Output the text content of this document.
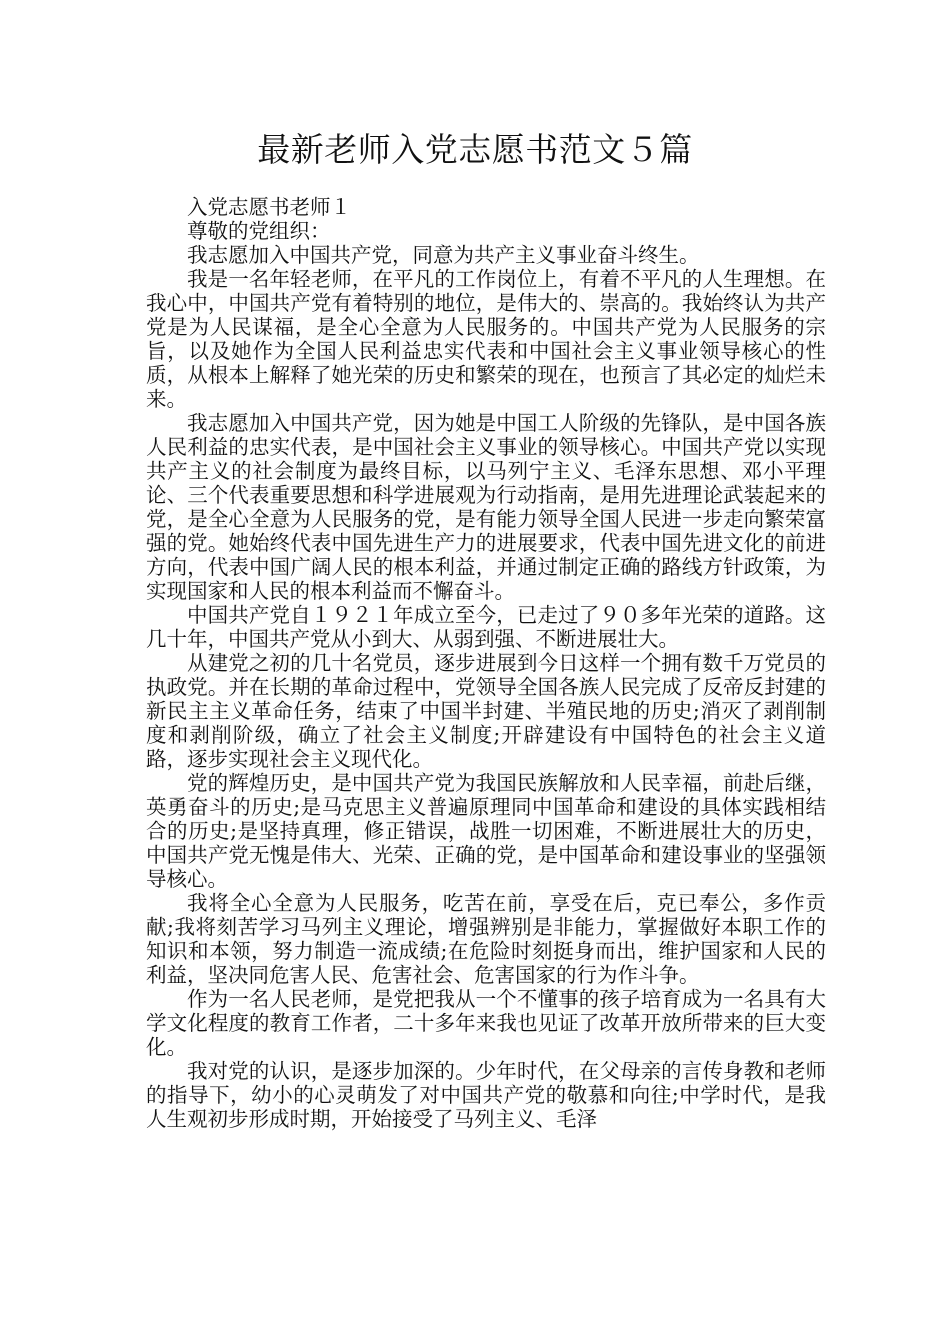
最新老师入党志愿书范文５篇

入党志愿书老师１

尊敬的党组织：

我志愿加入中国共产党，同意为共产主义事业奋斗终生。

我是一名年轻老师，在平凡的工作岗位上，有着不平凡的人生理想。在我心中，中国共产党有着特别的地位，是伟大的、崇高的。我始终认为共产党是为人民谋福，是全心全意为人民服务的。中国共产党为人民服务的宗旨，以及她作为全国人民利益忠实代表和中国社会主义事业领导核心的性质，从根本上解释了她光荣的历史和繁荣的现在，也预言了其必定的灿烂未来。

我志愿加入中国共产党，因为她是中国工人阶级的先锋队，是中国各族人民利益的忠实代表，是中国社会主义事业的领导核心。中国共产党以实现共产主义的社会制度为最终目标，以马列宁主义、毛泽东思想、邓小平理论、三个代表重要思想和科学进展观为行动指南，是用先进理论武装起来的党，是全心全意为人民服务的党，是有能力领导全国人民进一步走向繁荣富强的党。她始终代表中国先进生产力的进展要求，代表中国先进文化的前进方向，代表中国广阔人民的根本利益，并通过制定正确的路线方针政策，为实现国家和人民的根本利益而不懈奋斗。

中国共产党自１９２１年成立至今，已走过了９０多年光荣的道路。这几十年，中国共产党从小到大、从弱到强、不断进展壮大。

从建党之初的几十名党员，逐步进展到今日这样一个拥有数千万党员的执政党。并在长期的革命过程中，党领导全国各族人民完成了反帝反封建的新民主主义革命任务，结束了中国半封建、半殖民地的历史;消灭了剥削制度和剥削阶级，确立了社会主义制度;开辟建设有中国特色的社会主义道路，逐步实现社会主义现代化。

党的辉煌历史，是中国共产党为我国民族解放和人民幸福，前赴后继，英勇奋斗的历史;是马克思主义普遍原理同中国革命和建设的具体实践相结合的历史;是坚持真理，修正错误，战胜一切困难，不断进展壮大的历史，中国共产党无愧是伟大、光荣、正确的党，是中国革命和建设事业的坚强领导核心。

我将全心全意为人民服务，吃苦在前，享受在后，克已奉公，多作贡献;我将刻苦学习马列主义理论，增强辨别是非能力，掌握做好本职工作的知识和本领，努力制造一流成绩;在危险时刻挺身而出，维护国家和人民的利益，坚决同危害人民、危害社会、危害国家的行为作斗争。

作为一名人民老师，是党把我从一个不懂事的孩子培育成为一名具有大学文化程度的教育工作者，二十多年来我也见证了改革开放所带来的巨大变化。

我对党的认识，是逐步加深的。少年时代，在父母亲的言传身教和老师的指导下，幼小的心灵萌发了对中国共产党的敬慕和向往;中学时代，是我人生观初步形成时期，开始接受了马列主义、毛泽
